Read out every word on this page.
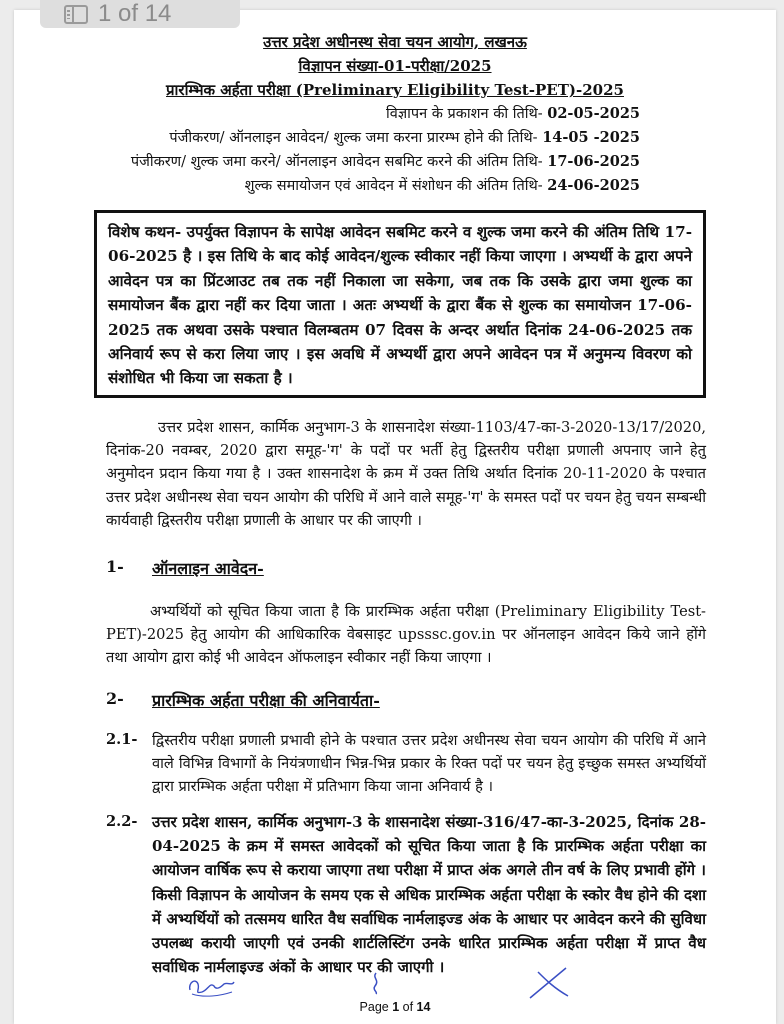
उत्तर प्रदेश अधीनस्थ सेवा चयन आयोग, लखनऊ
विज्ञापन संख्या-01-परीक्षा/2025
प्रारम्भिक अर्हता परीक्षा (Preliminary Eligibility Test-PET)-2025
विज्ञापन के प्रकाशन की तिथि- 02-05-2025
पंजीकरण/ ऑनलाइन आवेदन/ शुल्क जमा करना प्रारम्भ होने की तिथि- 14-05 -2025
पंजीकरण/ शुल्क जमा करने/ ऑनलाइन आवेदन सबमिट करने की अंतिम तिथि- 17-06-2025
शुल्क समायोजन एवं आवेदन में संशोधन की अंतिम तिथि- 24-06-2025
विशेष कथन- उपर्युक्त विज्ञापन के सापेक्ष आवेदन सबमिट करने व शुल्क जमा करने की अंतिम तिथि 17-06-2025 है । इस तिथि के बाद कोई आवेदन/शुल्क स्वीकार नहीं किया जाएगा । अभ्यर्थी के द्वारा अपने आवेदन पत्र का प्रिंटआउट तब तक नहीं निकाला जा सकेगा, जब तक कि उसके द्वारा जमा शुल्क का समायोजन बैंक द्वारा नहीं कर दिया जाता । अतः अभ्यर्थी के द्वारा बैंक से शुल्क का समायोजन 17-06-2025 तक अथवा उसके पश्चात विलम्बतम 07 दिवस के अन्दर अर्थात दिनांक 24-06-2025 तक अनिवार्य रूप से करा लिया जाए । इस अवधि में अभ्यर्थी द्वारा अपने आवेदन पत्र में अनुमन्य विवरण को संशोधित भी किया जा सकता है ।
उत्तर प्रदेश शासन, कार्मिक अनुभाग-3 के शासनादेश संख्या-1103/47-का-3-2020-13/17/2020, दिनांक-20 नवम्बर, 2020 द्वारा समूह-'ग' के पदों पर भर्ती हेतु द्विस्तरीय परीक्षा प्रणाली अपनाए जाने हेतु अनुमोदन प्रदान किया गया है । उक्त शासनादेश के क्रम में उक्त तिथि अर्थात दिनांक 20-11-2020 के पश्चात उत्तर प्रदेश अधीनस्थ सेवा चयन आयोग की परिधि में आने वाले समूह-'ग' के समस्त पदों पर चयन हेतु चयन सम्बन्धी कार्यवाही द्विस्तरीय परीक्षा प्रणाली के आधार पर की जाएगी ।
1- ऑनलाइन आवेदन-
अभ्यर्थियों को सूचित किया जाता है कि प्रारम्भिक अर्हता परीक्षा (Preliminary Eligibility Test-PET)-2025 हेतु आयोग की आधिकारिक वेबसाइट upsssc.gov.in पर ऑनलाइन आवेदन किये जाने होंगे तथा आयोग द्वारा कोई भी आवेदन ऑफलाइन स्वीकार नहीं किया जाएगा ।
2- प्रारम्भिक अर्हता परीक्षा की अनिवार्यता-
2.1- द्विस्तरीय परीक्षा प्रणाली प्रभावी होने के पश्चात उत्तर प्रदेश अधीनस्थ सेवा चयन आयोग की परिधि में आने वाले विभिन्न विभागों के नियंत्रणाधीन भिन्न-भिन्न प्रकार के रिक्त पदों पर चयन हेतु इच्छुक समस्त अभ्यर्थियों द्वारा प्रारम्भिक अर्हता परीक्षा में प्रतिभाग किया जाना अनिवार्य है ।
2.2- उत्तर प्रदेश शासन, कार्मिक अनुभाग-3 के शासनादेश संख्या-316/47-का-3-2025, दिनांक 28-04-2025 के क्रम में समस्त आवेदकों को सूचित किया जाता है कि प्रारम्भिक अर्हता परीक्षा का आयोजन वार्षिक रूप से कराया जाएगा तथा परीक्षा में प्राप्त अंक अगले तीन वर्ष के लिए प्रभावी होंगे । किसी विज्ञापन के आयोजन के समय एक से अधिक प्रारम्भिक अर्हता परीक्षा के स्कोर वैध होने की दशा में अभ्यर्थियों को तत्समय धारित वैध सर्वाधिक नार्मलाइज्ड अंक के आधार पर आवेदन करने की सुविधा उपलब्ध करायी जाएगी एवं उनकी शार्टलिस्टिंग उनके धारित प्रारम्भिक अर्हता परीक्षा में प्राप्त वैध सर्वाधिक नार्मलाइज्ड अंकों के आधार पर की जाएगी ।
Page 1 of 14
1 of 14
